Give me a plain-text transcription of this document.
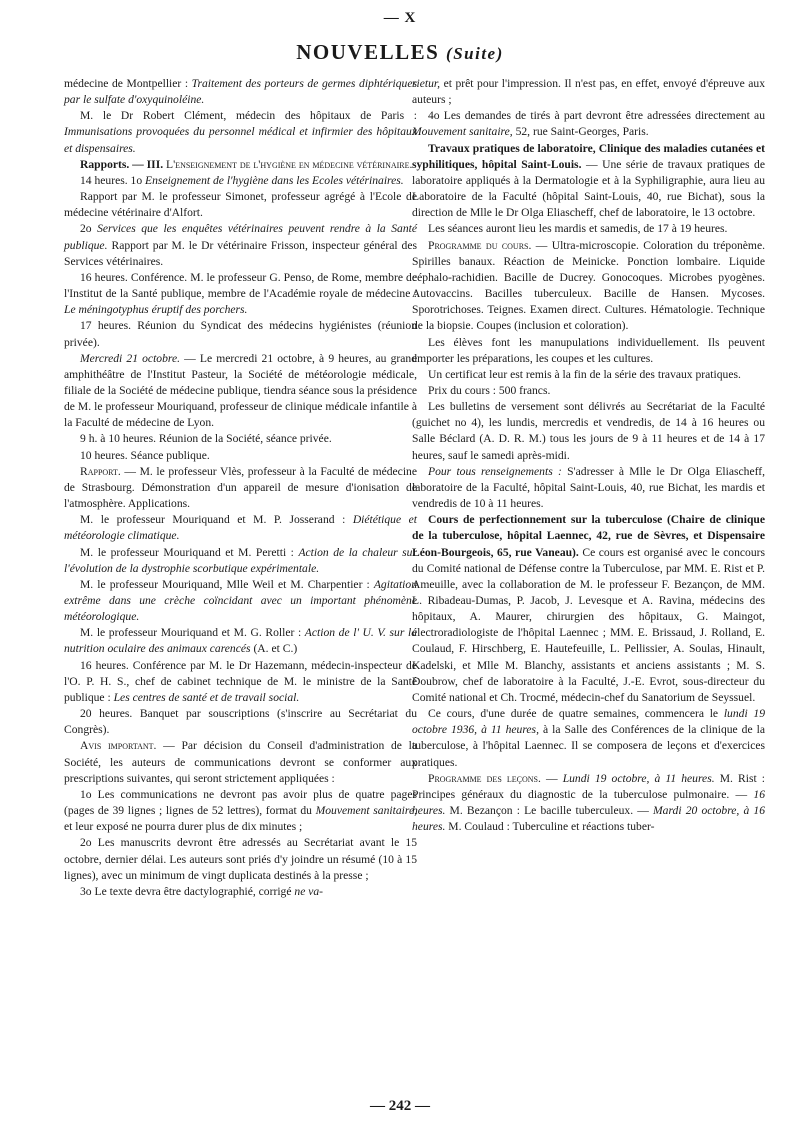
— X
NOUVELLES (Suite)

médecine de Montpellier : Traitement des porteurs de germes diphtériques par le sulfate d'oxyquinoléine.

M. le Dr Robert Clément, médecin des hôpitaux de Paris : Immunisations provoquées du personnel médical et infirmier des hôpitaux et dispensaires.

Rapports. — III. L'enseignement de l'hygiène en médecine vétérinaire.

14 heures. 1o Enseignement de l'hygiène dans les Ecoles vétérinaires.

Rapport par M. le professeur Simonet, professeur agrégé à l'Ecole de médecine vétérinaire d'Alfort.

2o Services que les enquêtes vétérinaires peuvent rendre à la Santé publique. Rapport par M. le Dr vétérinaire Frisson, inspecteur général des Services vétérinaires.

16 heures. Conférence. M. le professeur G. Penso, de Rome, membre de l'Institut de la Santé publique, membre de l'Académie royale de médecine : Le méningotyphus éruptif des porchers.

17 heures. Réunion du Syndicat des médecins hygiénistes (réunion privée).

Mercredi 21 octobre. — Le mercredi 21 octobre, à 9 heures, au grand amphithéâtre de l'Institut Pasteur, la Société de météorologie médicale, filiale de la Société de médecine publique, tiendra séance sous la présidence de M. le professeur Mouriquand, professeur de clinique médicale infantile à la Faculté de médecine de Lyon.

9 h. à 10 heures. Réunion de la Société, séance privée.

10 heures. Séance publique.

Rapport. — M. le professeur Vlès, professeur à la Faculté de médecine de Strasbourg. Démonstration d'un appareil de mesure d'ionisation de l'atmosphère. Applications.

M. le professeur Mouriquand et M. P. Josserand : Diététique et météorologie climatique.

M. le professeur Mouriquand et M. Peretti : Action de la chaleur sur l'évolution de la dystrophie scorbutique expérimentale.

M. le professeur Mouriquand, Mlle Weil et M. Charpentier : Agitation extrême dans une crèche coïncidant avec un important phénomène météorologique.

M. le professeur Mouriquand et M. G. Roller : Action de l' U. V. sur la nutrition oculaire des animaux carencés (A. et C.)

16 heures. Conférence par M. le Dr Hazemann, médecin-inspecteur de l'O. P. H. S., chef de cabinet technique de M. le ministre de la Santé publique : Les centres de santé et de travail social.

20 heures. Banquet par souscriptions (s'inscrire au Secrétariat du Congrès).

Avis important. — Par décision du Conseil d'administration de la Société, les auteurs de communications devront se conformer aux prescriptions suivantes, qui seront strictement appliquées :

1o Les communications ne devront pas avoir plus de quatre pages (pages de 39 lignes ; lignes de 52 lettres), format du Mouvement sanitaire, et leur exposé ne pourra durer plus de dix minutes ;

2o Les manuscrits devront être adressés au Secrétariat avant le 15 octobre, dernier délai. Les auteurs sont priés d'y joindre un résumé (10 à 15 lignes), avec un minimum de vingt duplicata destinés à la presse ;

3o Le texte devra être dactylographié, corrigé ne va-

rietur, et prêt pour l'impression. Il n'est pas, en effet, envoyé d'épreuve aux auteurs ;

4o Les demandes de tirés à part devront être adressées directement au Mouvement sanitaire, 52, rue Saint-Georges, Paris.

Travaux pratiques de laboratoire, Clinique des maladies cutanées et syphilitiques, hôpital Saint-Louis. — Une série de travaux pratiques de laboratoire appliqués à la Dermatologie et à la Syphiligraphie, aura lieu au Laboratoire de la Faculté (hôpital Saint-Louis, 40, rue Bichat), sous la direction de Mlle le Dr Olga Eliascheff, chef de laboratoire, le 13 octobre.

Les séances auront lieu les mardis et samedis, de 17 à 19 heures.

Programme du cours. — Ultra-microscopie. Coloration du tréponème. Spirilles banaux. Réaction de Meinicke. Ponction lombaire. Liquide céphalo-rachidien. Bacille de Ducrey. Gonocoques. Microbes pyogènes. Autovaccins. Bacilles tuberculeux. Bacille de Hansen. Mycoses. Sporotrichoses. Teignes. Examen direct. Cultures. Hématologie. Technique de la biopsie. Coupes (inclusion et coloration).

Les élèves font les manupulations individuellement. Ils peuvent emporter les préparations, les coupes et les cultures.

Un certificat leur est remis à la fin de la série des travaux pratiques.

Prix du cours : 500 francs.

Les bulletins de versement sont délivrés au Secrétariat de la Faculté (guichet no 4), les lundis, mercredis et vendredis, de 14 à 16 heures ou Salle Béclard (A. D. R. M.) tous les jours de 9 à 11 heures et de 14 à 17 heures, sauf le samedi après-midi.

Pour tous renseignements : S'adresser à Mlle le Dr Olga Eliascheff, laboratoire de la Faculté, hôpital Saint-Louis, 40, rue Bichat, les mardis et vendredis de 10 à 11 heures.

Cours de perfectionnement sur la tuberculose (Chaire de clinique de la tuberculose, hôpital Laennec, 42, rue de Sèvres, et Dispensaire Léon-Bourgeois, 65, rue Vaneau). Ce cours est organisé avec le concours du Comité national de Défense contre la Tuberculose, par MM. E. Rist et P. Ameuille, avec la collaboration de M. le professeur F. Bezançon, de MM. L. Ribadeau-Dumas, P. Jacob, J. Levesque et A. Ravina, médecins des hôpitaux, A. Maurer, chirurgien des hôpitaux, G. Maingot, électroradiologiste de l'hôpital Laennec ; MM. E. Brissaud, J. Rolland, E. Coulaud, F. Hirschberg, E. Hautefeuille, L. Pellissier, A. Soulas, Hinault, Kadelski, et Mlle M. Blanchy, assistants et anciens assistants ; M. S. Doubrow, chef de laboratoire à la Faculté, J.-E. Evrot, sous-directeur du Comité national et Ch. Trocmé, médecin-chef du Sanatorium de Seyssuel.

Ce cours, d'une durée de quatre semaines, commencera le lundi 19 octobre 1936, à 11 heures, à la Salle des Conférences de la clinique de la tuberculose, à l'hôpital Laennec. Il se composera de leçons et d'exercices pratiques.

Programme des leçons. — Lundi 19 octobre, à 11 heures. M. Rist : Principes généraux du diagnostic de la tuberculose pulmonaire. — 16 heures. M. Bezançon : Le bacille tuberculeux. — Mardi 20 octobre, à 16 heures. M. Coulaud : Tuberculine et réactions tuber-

— 242 —
